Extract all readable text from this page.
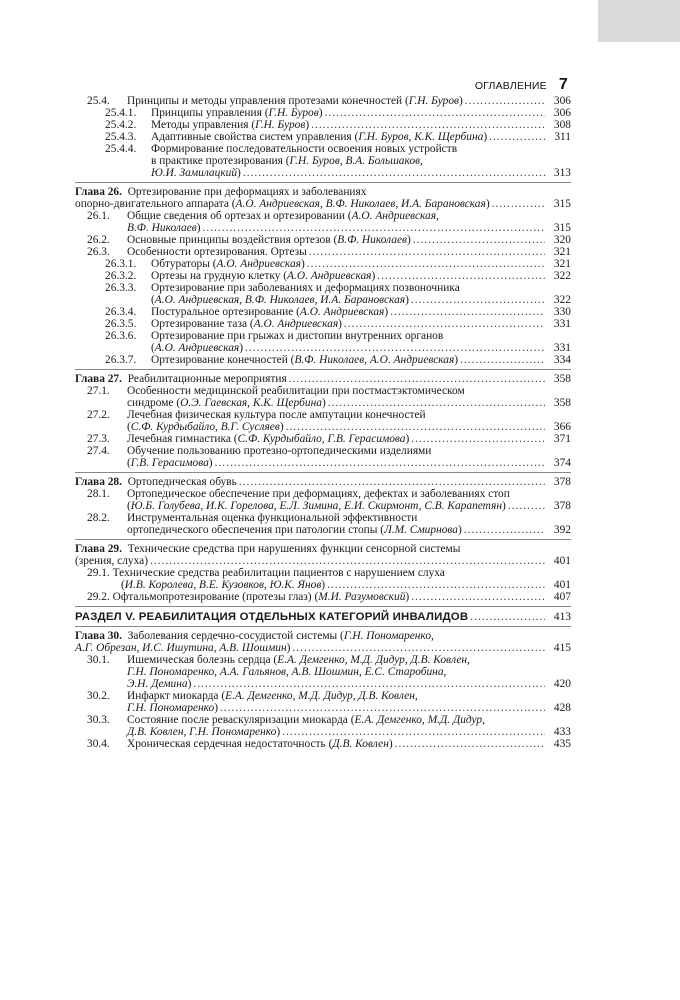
ОГЛАВЛЕНИЕ 7
25.4. Принципы и методы управления протезами конечностей (Г.Н. Буров) .....	306
25.4.1. Принципы управления (Г.Н. Буров) .....	306
25.4.2. Методы управления (Г.Н. Буров) .....	308
25.4.3. Адаптивные свойства систем управления (Г.Н. Буров, К.К. Щербина) .....	311
25.4.4. Формирование последовательности освоения новых устройств
в практике протезирования (Г.Н. Буров, В.А. Большаков,
Ю.И. Замилацкий) .....	313
Глава 26. Ортезирование при деформациях и заболеваниях
опорно-двигательного аппарата (А.О. Андриевская, В.Ф. Николаев, И.А. Барановская) .....	315
26.1. Общие сведения об ортезах и ортезировании (А.О. Андриевская,
В.Ф. Николаев) .....	315
26.2. Основные принципы воздействия ортезов (В.Ф. Николаев) .....	320
26.3. Особенности ортезирования. Ортезы .....	321
26.3.1. Обтураторы (А.О. Андриевская) .....	321
26.3.2. Ортезы на грудную клетку (А.О. Андриевская) .....	322
26.3.3. Ортезирование при заболеваниях и деформациях позвоночника
(А.О. Андриевская, В.Ф. Николаев, И.А. Барановская) .....	322
26.3.4. Постуральное ортезирование (А.О. Андриевская) .....	330
26.3.5. Ортезирование таза (А.О. Андриевская) .....	331
26.3.6. Ортезирование при грыжах и дистопии внутренних органов
(А.О. Андриевская) .....	331
26.3.7. Ортезирование конечностей (В.Ф. Николаев, А.О. Андриевская) .....	334
Глава 27. Реабилитационные мероприятия .....	358
27.1. Особенности медицинской реабилитации при постмастэктомическом
синдроме (О.Э. Гаевская, К.К. Щербина) .....	358
27.2. Лечебная физическая культура после ампутации конечностей
(С.Ф. Курдыбайло, В.Г. Сусляев) .....	366
27.3. Лечебная гимнастика (С.Ф. Курдыбайло, Г.В. Герасимова) .....	371
27.4. Обучение пользованию протезно-ортопедическими изделиями
(Г.В. Герасимова) .....	374
Глава 28. Ортопедическая обувь .....	378
28.1. Ортопедическое обеспечение при деформациях, дефектах и заболеваниях стоп
(Ю.Б. Голубева, И.К. Горелова, Е.Л. Зимина, Е.И. Скирмонт, С.В. Карапетян) .....	378
28.2. Инструментальная оценка функциональной эффективности
ортопедического обеспечения при патологии стопы (Л.М. Смирнова) .....	392
Глава 29. Технические средства при нарушениях функции сенсорной системы
(зрения, слуха) .....	401
29.1. Технические средства реабилитации пациентов с нарушением слуха
(И.В. Королева, В.Е. Кузовков, Ю.К. Янов) .....	401
29.2. Офтальмопротезирование (протезы глаз) (М.И. Разумовский) .....	407
РАЗДЕЛ V. РЕАБИЛИТАЦИЯ ОТДЕЛЬНЫХ КАТЕГОРИЙ ИНВАЛИДОВ .....	413
Глава 30. Заболевания сердечно-сосудистой системы (Г.Н. Пономаренко,
А.Г. Обрезан, И.С. Ишутина, А.В. Шошмин) .....	415
30.1. Ишемическая болезнь сердца (Е.А. Демгенко, М.Д. Дидур, Д.В. Ковлен,
Г.Н. Пономаренко, А.А. Гальянов, А.В. Шошмин, Е.С. Старобина,
Э.Н. Демина) .....	420
30.2. Инфаркт миокарда (Е.А. Демгенко, М.Д. Дидур, Д.В. Ковлен,
Г.Н. Пономаренко) .....	428
30.3. Состояние после реваскуляризации миокарда (Е.А. Демгенко, М.Д. Дидур,
Д.В. Ковлен, Г.Н. Пономаренко) .....	433
30.4. Хроническая сердечная недостаточность (Д.В. Ковлен) .....	435
